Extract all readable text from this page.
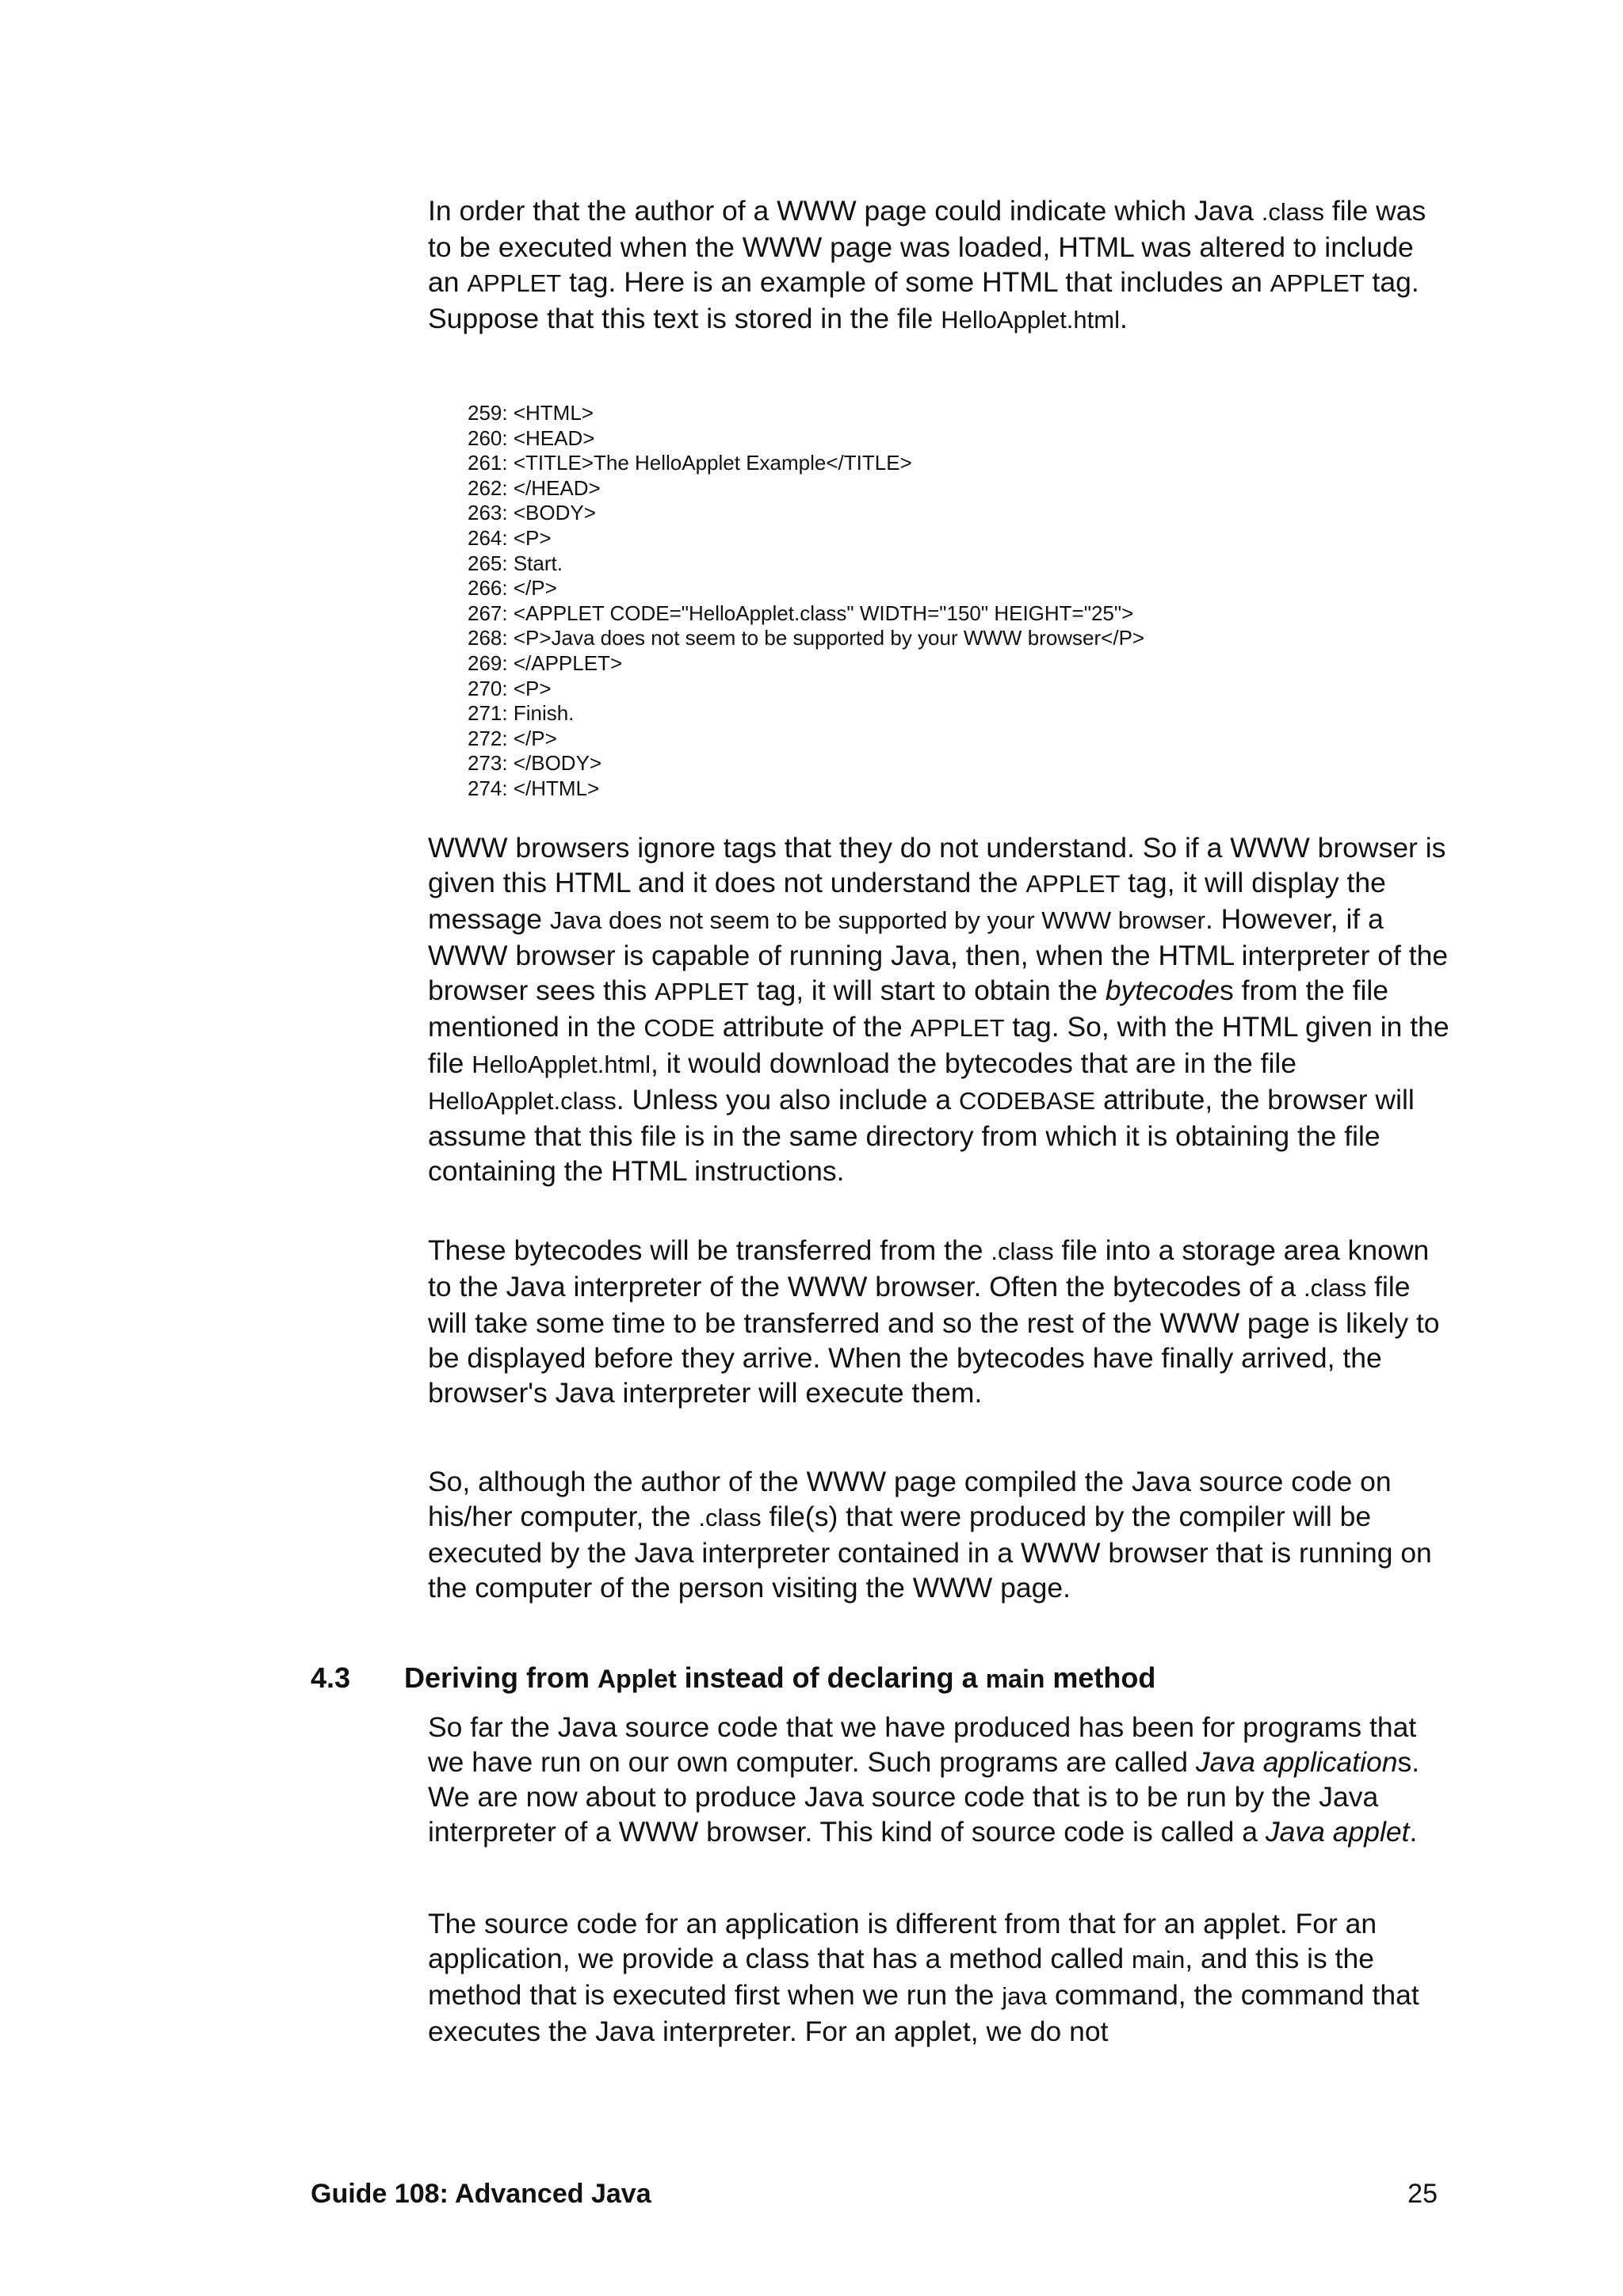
In order that the author of a WWW page could indicate which Java .class file was to be executed when the WWW page was loaded, HTML was altered to include an APPLET tag. Here is an example of some HTML that includes an APPLET tag. Suppose that this text is stored in the file HelloApplet.html.

259: <HTML>
260: <HEAD>
261: <TITLE>The HelloApplet Example</TITLE>
262: </HEAD>
263: <BODY>
264: <P>
265: Start.
266: </P>
267: <APPLET CODE="HelloApplet.class" WIDTH="150" HEIGHT="25">
268: <P>Java does not seem to be supported by your WWW browser</P>
269: </APPLET>
270: <P>
271: Finish.
272: </P>
273: </BODY>
274: </HTML>

WWW browsers ignore tags that they do not understand. So if a WWW browser is given this HTML and it does not understand the APPLET tag, it will display the message Java does not seem to be supported by your WWW browser. However, if a WWW browser is capable of running Java, then, when the HTML interpreter of the browser sees this APPLET tag, it will start to obtain the bytecodes from the file mentioned in the CODE attribute of the APPLET tag. So, with the HTML given in the file HelloApplet.html, it would download the bytecodes that are in the file HelloApplet.class. Unless you also include a CODEBASE attribute, the browser will assume that this file is in the same directory from which it is obtaining the file containing the HTML instructions.

These bytecodes will be transferred from the .class file into a storage area known to the Java interpreter of the WWW browser. Often the bytecodes of a .class file will take some time to be transferred and so the rest of the WWW page is likely to be displayed before they arrive. When the bytecodes have finally arrived, the browser's Java interpreter will execute them.

So, although the author of the WWW page compiled the Java source code on his/her computer, the .class file(s) that were produced by the compiler will be executed by the Java interpreter contained in a WWW browser that is running on the computer of the person visiting the WWW page.

4.3 Deriving from Applet instead of declaring a main method

So far the Java source code that we have produced has been for programs that we have run on our own computer. Such programs are called Java applications. We are now about to produce Java source code that is to be run by the Java interpreter of a WWW browser. This kind of source code is called a Java applet.

The source code for an application is different from that for an applet. For an application, we provide a class that has a method called main, and this is the method that is executed first when we run the java command, the command that executes the Java interpreter. For an applet, we do not

Guide 108: Advanced Java	25
